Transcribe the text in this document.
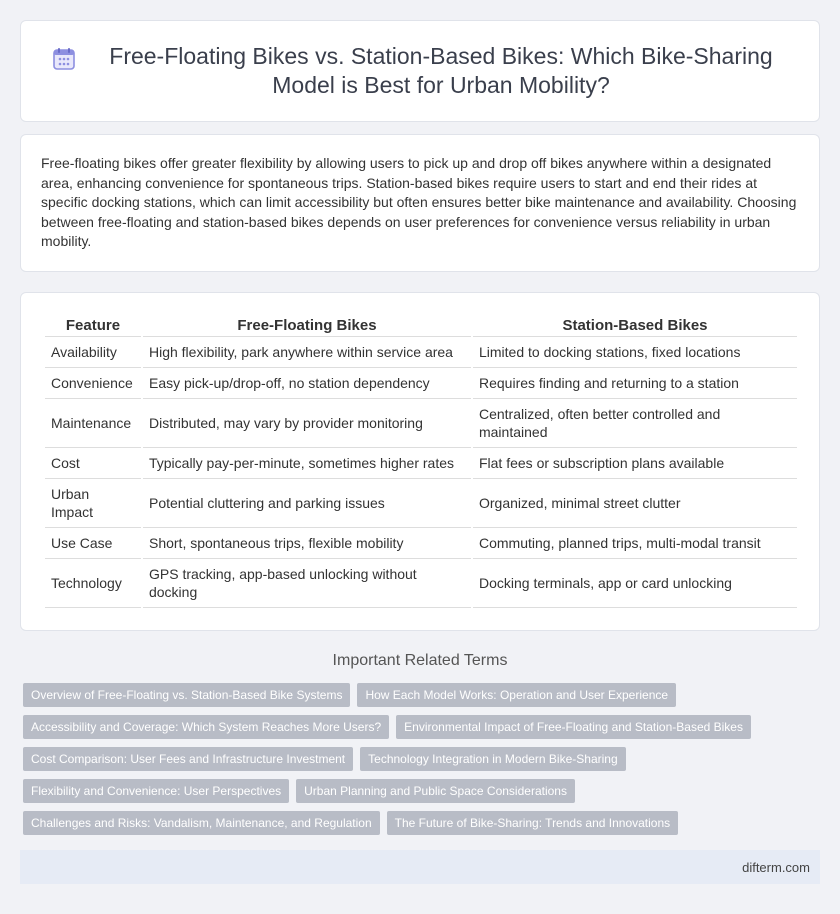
Free-Floating Bikes vs. Station-Based Bikes: Which Bike-Sharing Model is Best for Urban Mobility?

Free-floating bikes offer greater flexibility by allowing users to pick up and drop off bikes anywhere within a designated area, enhancing convenience for spontaneous trips. Station-based bikes require users to start and end their rides at specific docking stations, which can limit accessibility but often ensures better bike maintenance and availability. Choosing between free-floating and station-based bikes depends on user preferences for convenience versus reliability in urban mobility.

Feature	Free-Floating Bikes	Station-Based Bikes
Availability	High flexibility, park anywhere within service area	Limited to docking stations, fixed locations
Convenience	Easy pick-up/drop-off, no station dependency	Requires finding and returning to a station
Maintenance	Distributed, may vary by provider monitoring	Centralized, often better controlled and maintained
Cost	Typically pay-per-minute, sometimes higher rates	Flat fees or subscription plans available
Urban Impact	Potential cluttering and parking issues	Organized, minimal street clutter
Use Case	Short, spontaneous trips, flexible mobility	Commuting, planned trips, multi-modal transit
Technology	GPS tracking, app-based unlocking without docking	Docking terminals, app or card unlocking
Important Related Terms
Overview of Free-Floating vs. Station-Based Bike Systems	How Each Model Works: Operation and User Experience
Accessibility and Coverage: Which System Reaches More Users?	Environmental Impact of Free-Floating and Station-Based Bikes
Cost Comparison: User Fees and Infrastructure Investment	Technology Integration in Modern Bike-Sharing
Flexibility and Convenience: User Perspectives	Urban Planning and Public Space Considerations
Challenges and Risks: Vandalism, Maintenance, and Regulation	The Future of Bike-Sharing: Trends and Innovations
difterm.com
